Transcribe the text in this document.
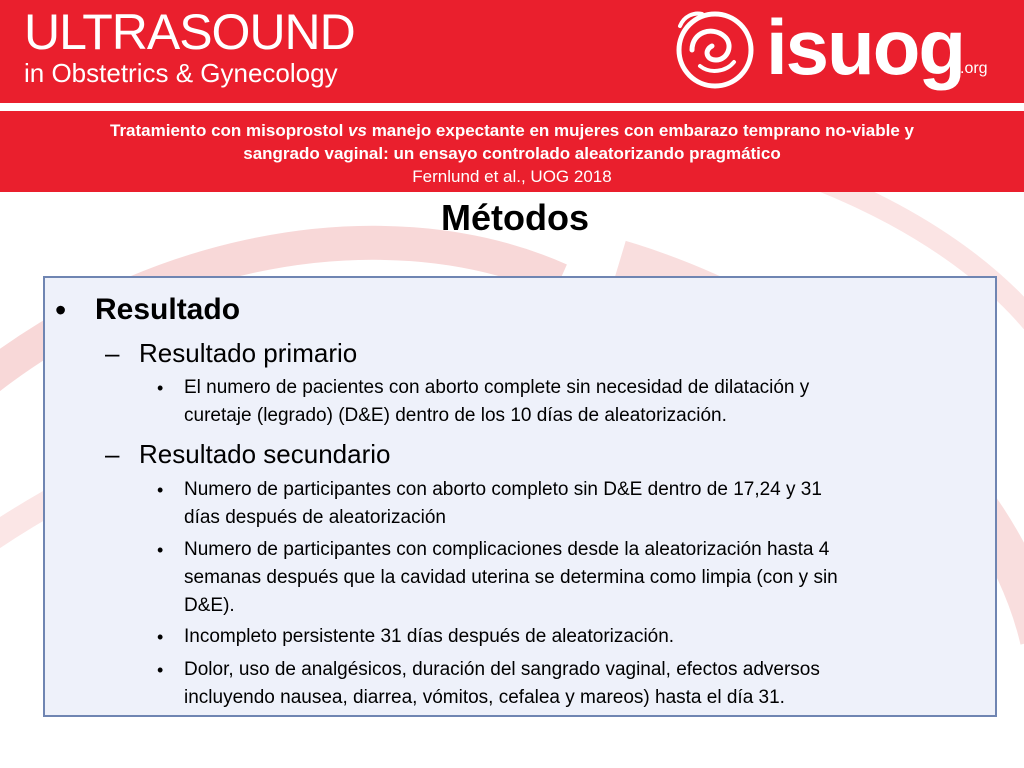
ULTRASOUND
in Obstetrics & Gynecology	isuog
.org
Tratamiento con misoprostol vs manejo expectante en mujeres con embarazo temprano no-viable y
sangrado vaginal: un ensayo controlado aleatorizando pragmático
Fernlund et al., UOG 2018
Métodos
• Resultado
– Resultado primario
• El numero de pacientes con aborto complete sin necesidad de dilatación y
curetaje (legrado) (D&E) dentro de los 10 días de aleatorización.
– Resultado secundario
• Numero de participantes con aborto completo sin D&E dentro de 17,24 y 31
días después de aleatorización
• Numero de participantes con complicaciones desde la aleatorización hasta 4
semanas después que la cavidad uterina se determina como limpia (con y sin
D&E).
• Incompleto persistente 31 días después de aleatorización.
• Dolor, uso de analgésicos, duración del sangrado vaginal, efectos adversos
incluyendo nausea, diarrea, vómitos, cefalea y mareos) hasta el día 31.
